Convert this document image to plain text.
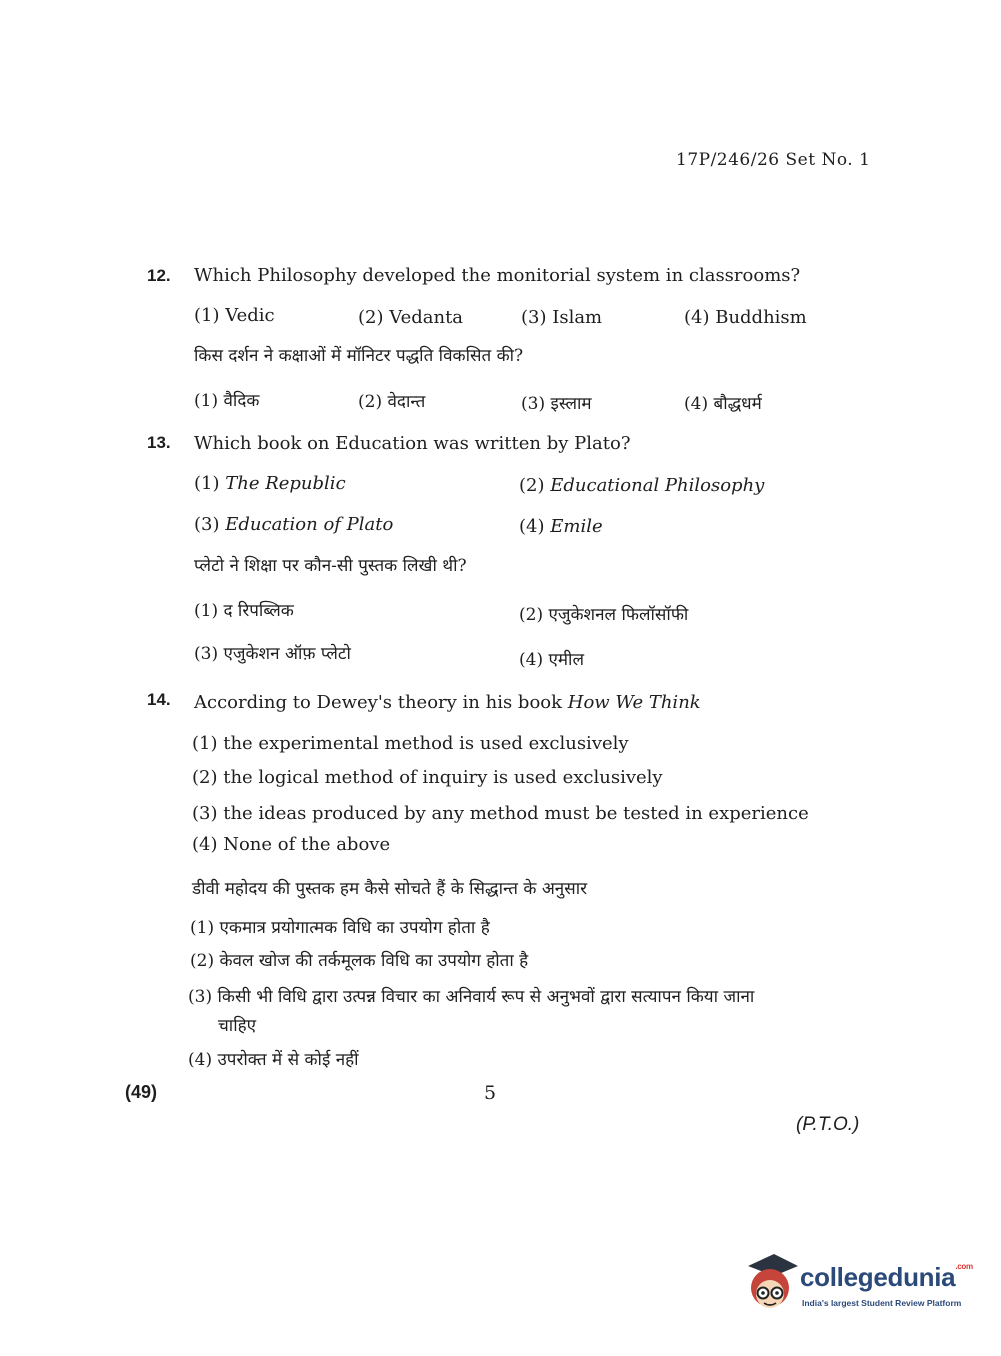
17P/246/26 Set No. 1
12. Which Philosophy developed the monitorial system in classrooms?
(1) Vedic	(2) Vedanta	(3) Islam	(4) Buddhism
किस दर्शन ने कक्षाओं में मॉनिटर पद्धति विकसित की?
(1) वैदिक	(2) वेदान्त	(3) इस्लाम	(4) बौद्धधर्म
13. Which book on Education was written by Plato?
(1) The Republic	(2) Educational Philosophy
(3) Education of Plato	(4) Emile
प्लेटो ने शिक्षा पर कौन-सी पुस्तक लिखी थी?
(1) द रिपब्लिक	(2) एजुकेशनल फिलॉसॉफी
(3) एजुकेशन ऑफ़ प्लेटो	(4) एमील
14. According to Dewey's theory in his book How We Think
(1) the experimental method is used exclusively
(2) the logical method of inquiry is used exclusively
(3) the ideas produced by any method must be tested in experience
(4) None of the above
डीवी महोदय की पुस्तक हम कैसे सोचते हैं के सिद्धान्त के अनुसार
(1) एकमात्र प्रयोगात्मक विधि का उपयोग होता है
(2) केवल खोज की तर्कमूलक विधि का उपयोग होता है
(3) किसी भी विधि द्वारा उत्पन्न विचार का अनिवार्य रूप से अनुभवों द्वारा सत्यापन किया जाना
चाहिए
(4) उपरोक्त में से कोई नहीं
(49)	5
(P.T.O.)
collegedunia$^{.com}$
India's largest Student Review Platform
